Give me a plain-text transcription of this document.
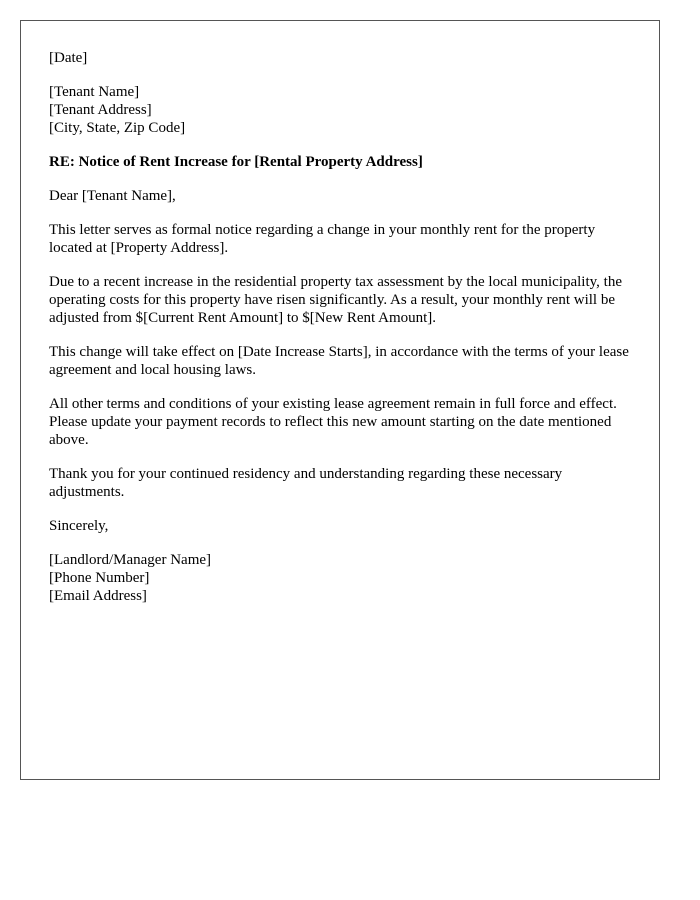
[Date]
[Tenant Name]
[Tenant Address]
[City, State, Zip Code]
RE: Notice of Rent Increase for [Rental Property Address]
Dear [Tenant Name],
This letter serves as formal notice regarding a change in your monthly rent for the property located at [Property Address].
Due to a recent increase in the residential property tax assessment by the local municipality, the operating costs for this property have risen significantly. As a result, your monthly rent will be adjusted from $[Current Rent Amount] to $[New Rent Amount].
This change will take effect on [Date Increase Starts], in accordance with the terms of your lease agreement and local housing laws.
All other terms and conditions of your existing lease agreement remain in full force and effect. Please update your payment records to reflect this new amount starting on the date mentioned above.
Thank you for your continued residency and understanding regarding these necessary adjustments.
Sincerely,
[Landlord/Manager Name]
[Phone Number]
[Email Address]
